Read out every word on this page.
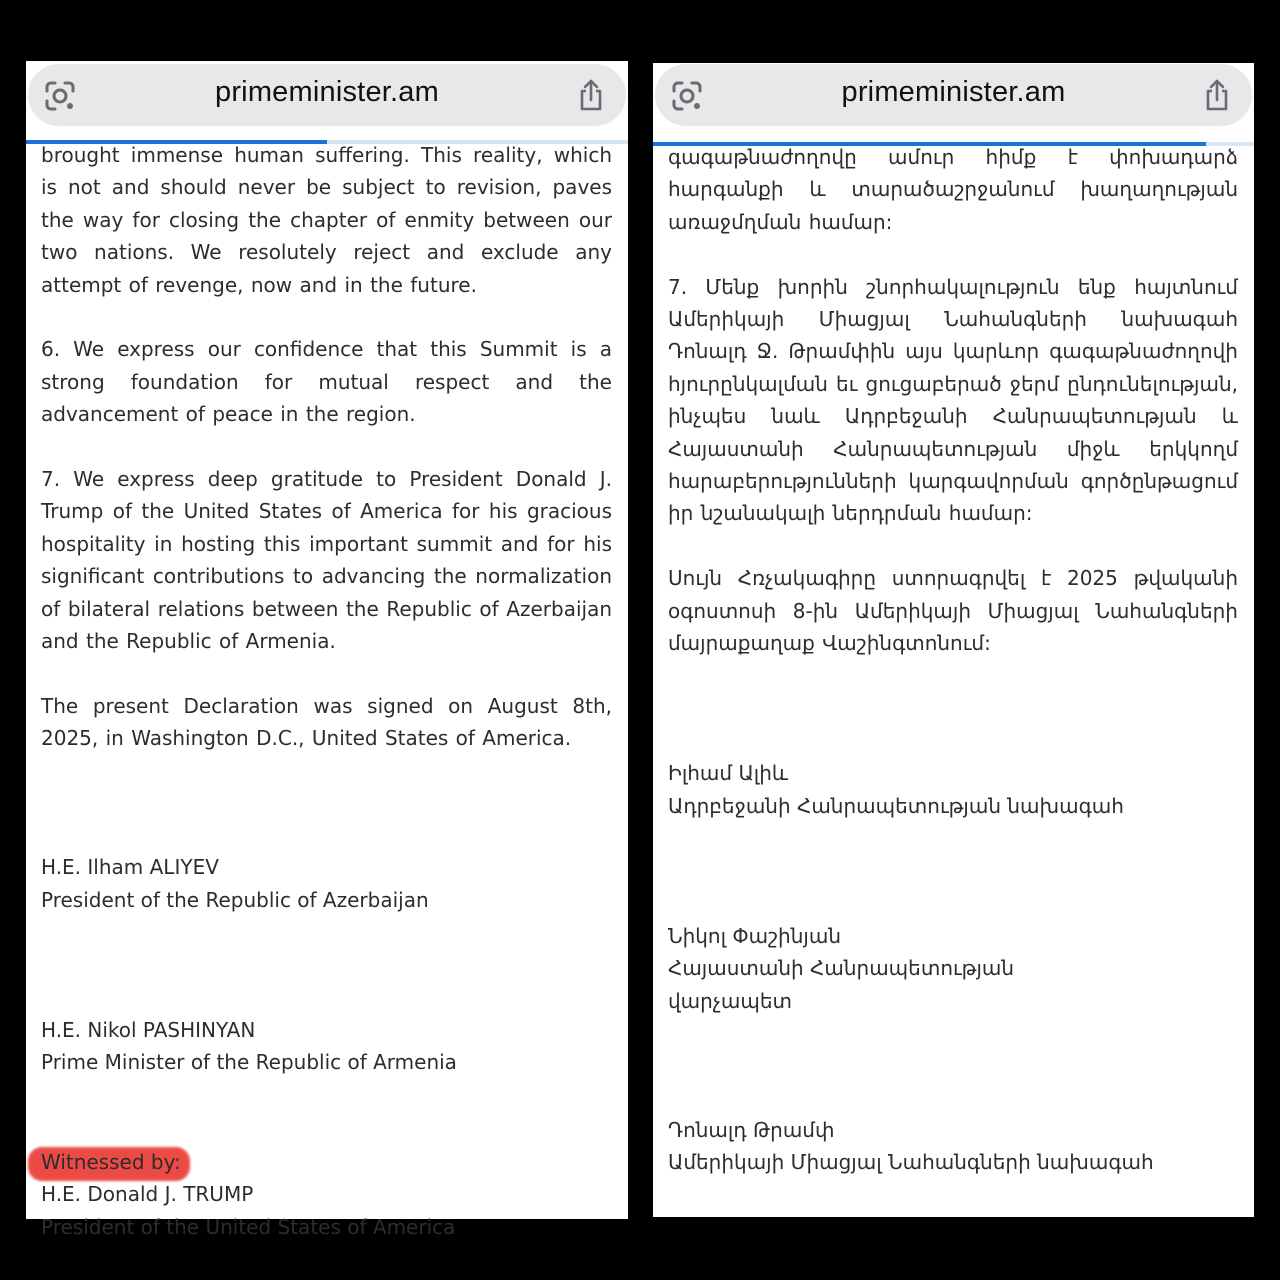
primeminister.am

brought immense human suffering. This reality, which is not and should never be subject to revision, paves the way for closing the chapter of enmity between our two nations. We resolutely reject and exclude any attempt of revenge, now and in the future.

6. We express our confidence that this Summit is a strong foundation for mutual respect and the advancement of peace in the region.

7. We express deep gratitude to President Donald J. Trump of the United States of America for his gracious hospitality in hosting this important summit and for his significant contributions to advancing the normalization of bilateral relations between the Republic of Azerbaijan and the Republic of Armenia.

The present Declaration was signed on August 8th, 2025, in Washington D.C., United States of America.

H.E. Ilham ALIYEV

President of the Republic of Azerbaijan

H.E. Nikol PASHINYAN

Prime Minister of the Republic of Armenia

Witnessed by:

H.E. Donald J. TRUMP

President of the United States of America

primeminister.am

գագաթնաժողովը ամուր հիմք է փոխադարձ հարգանքի և տարածաշրջանում խաղաղության առաջմղման համար:

7. Մենք խորին շնորհակալություն ենք հայտնում Ամերիկայի Միացյալ Նահանգների նախագահ Դոնալդ Ջ. Թրամփին այս կարևոր գագաթնաժողովի հյուրընկալման եւ ցուցաբերած ջերմ ընդունելության, ինչպես նաև Ադրբեջանի Հանրապետության և Հայաստանի Հանրապետության միջև երկկողմ հարաբերությունների կարգավորման գործընթացում իր նշանակալի ներդրման համար:

Սույն Հռչակագիրը ստորագրվել է 2025 թվականի օգոստոսի 8-ին Ամերիկայի Միացյալ Նահանգների մայրաքաղաք Վաշինգտոնում:

Իլհամ Ալիև

Ադրբեջանի Հանրապետության նախագահ

Նիկոլ Փաշինյան

Հայաստանի Հանրապետության

վարչապետ

Դոնալդ Թրամփ

Ամերիկայի Միացյալ Նահանգների նախագահ
